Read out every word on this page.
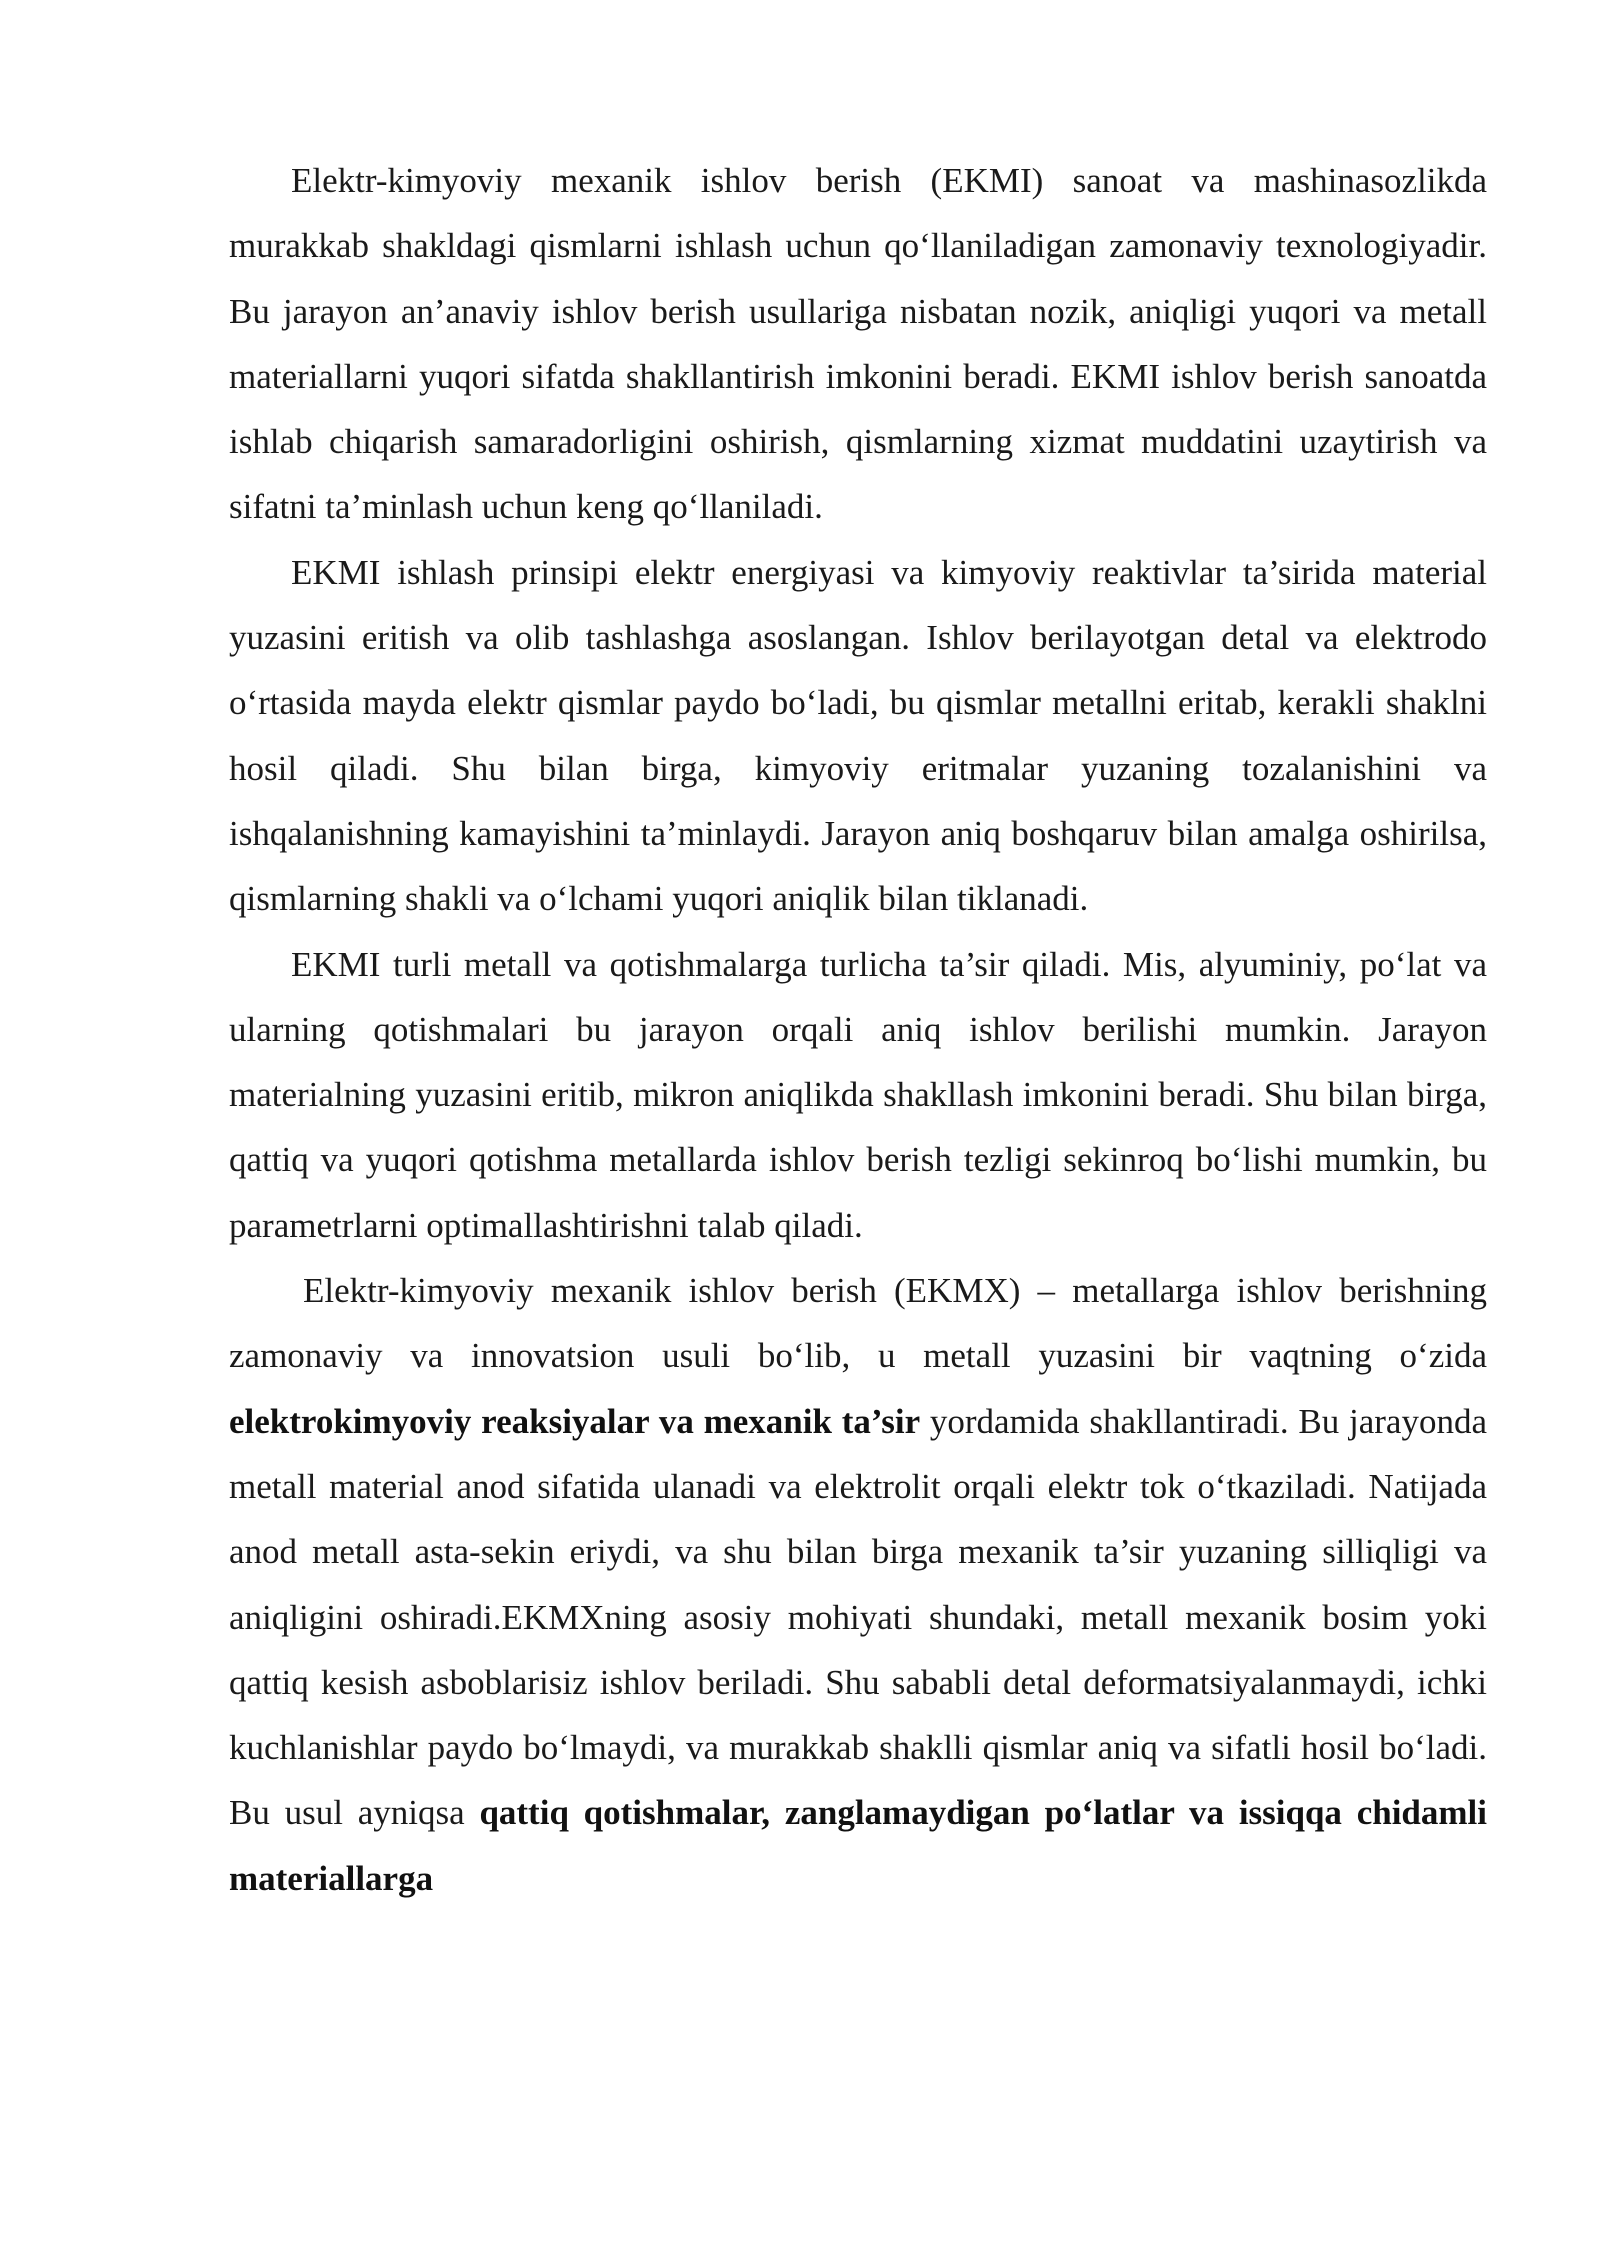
Elektr-kimyoviy mexanik ishlov berish (EKMI) sanoat va mashinasozlikda murakkab shakldagi qismlarni ishlash uchun qo‘llaniladigan zamonaviy texnologiyadir. Bu jarayon an’anaviy ishlov berish usullariga nisbatan nozik, aniqligi yuqori va metall materiallarni yuqori sifatda shakllantirish imkonini beradi. EKMI ishlov berish sanoatda ishlab chiqarish samaradorligini oshirish, qismlarning xizmat muddatini uzaytirish va sifatni ta’minlash uchun keng qo‘llaniladi.

EKMI ishlash prinsipi elektr energiyasi va kimyoviy reaktivlar ta’sirida material yuzasini eritish va olib tashlashga asoslangan. Ishlov berilayotgan detal va elektrodo o‘rtasida mayda elektr qismlar paydo bo‘ladi, bu qismlar metallni eritab, kerakli shaklni hosil qiladi. Shu bilan birga, kimyoviy eritmalar yuzaning tozalanishini va ishqalanishning kamayishini ta’minlaydi. Jarayon aniq boshqaruv bilan amalga oshirilsa, qismlarning shakli va o‘lchami yuqori aniqlik bilan tiklanadi.

EKMI turli metall va qotishmalarga turlicha ta’sir qiladi. Mis, alyuminiy, po‘lat va ularning qotishmalari bu jarayon orqali aniq ishlov berilishi mumkin. Jarayon materialning yuzasini eritib, mikron aniqlikda shakllash imkonini beradi. Shu bilan birga, qattiq va yuqori qotishma metallarda ishlov berish tezligi sekinroq bo‘lishi mumkin, bu parametrlarni optimallashtirishni talab qiladi.

Elektr-kimyoviy mexanik ishlov berish (EKMX) – metallarga ishlov berishning zamonaviy va innovatsion usuli bo‘lib, u metall yuzasini bir vaqtning o‘zida elektrokimyoviy reaksiyalar va mexanik ta’sir yordamida shakllantiradi. Bu jarayonda metall material anod sifatida ulanadi va elektrolit orqali elektr tok o‘tkaziladi. Natijada anod metall asta-sekin eriydi, va shu bilan birga mexanik ta’sir yuzaning silliqligi va aniqligini oshiradi.EKMXning asosiy mohiyati shundaki, metall mexanik bosim yoki qattiq kesish asboblarisiz ishlov beriladi. Shu sababli detal deformatsiyalanmaydi, ichki kuchlanishlar paydo bo‘lmaydi, va murakkab shaklli qismlar aniq va sifatli hosil bo‘ladi. Bu usul ayniqsa qattiq qotishmalar, zanglamaydigan po‘latlar va issiqqa chidamli materiallarga
